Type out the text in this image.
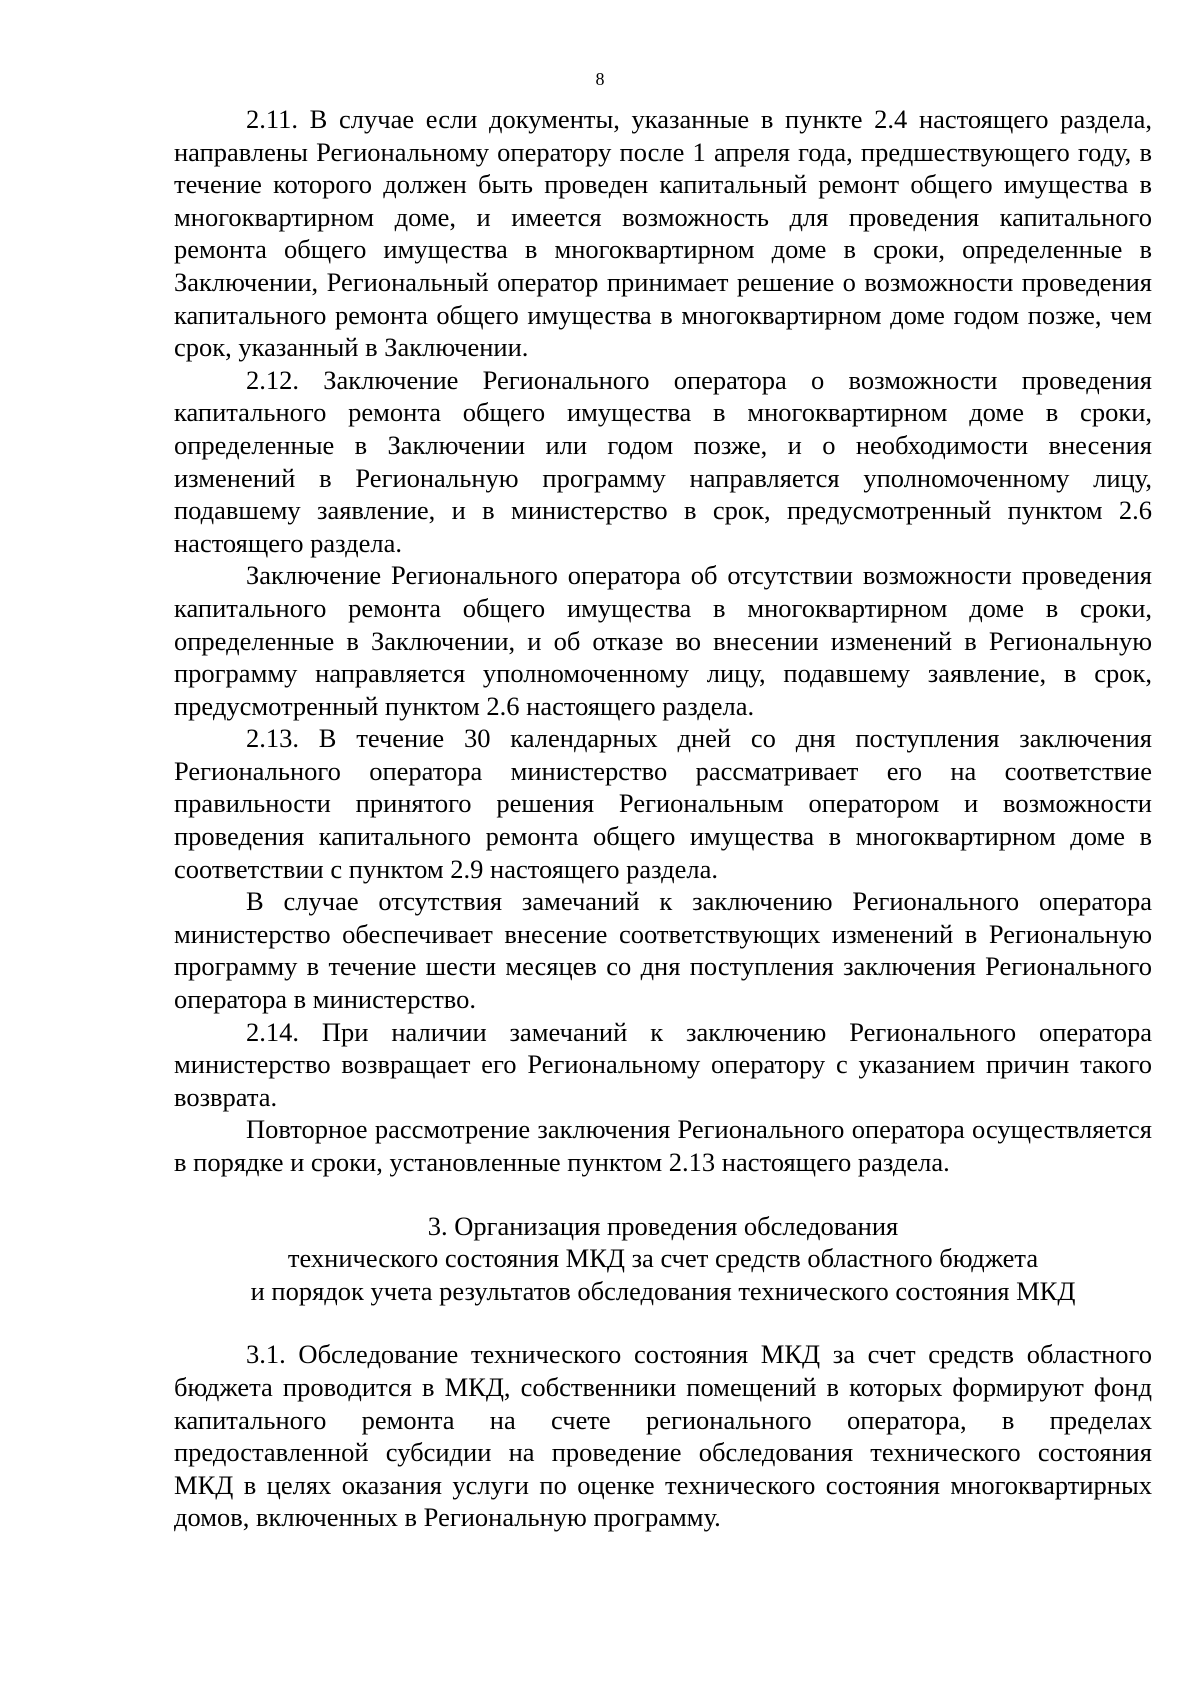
8

2.11. В случае если документы, указанные в пункте 2.4 настоящего раздела, направлены Региональному оператору после 1 апреля года, предшествующего году, в течение которого должен быть проведен капитальный ремонт общего имущества в многоквартирном доме, и имеется возможность для проведения капитального ремонта общего имущества в многоквартирном доме в сроки, определенные в Заключении, Региональный оператор принимает решение о возможности проведения капитального ремонта общего имущества в многоквартирном доме годом позже, чем срок, указанный в Заключении.

2.12. Заключение Регионального оператора о возможности проведения капитального ремонта общего имущества в многоквартирном доме в сроки, определенные в Заключении или годом позже, и о необходимости внесения изменений в Региональную программу направляется уполномоченному лицу, подавшему заявление, и в министерство в срок, предусмотренный пунктом 2.6 настоящего раздела.

Заключение Регионального оператора об отсутствии возможности проведения капитального ремонта общего имущества в многоквартирном доме в сроки, определенные в Заключении, и об отказе во внесении изменений в Региональную программу направляется уполномоченному лицу, подавшему заявление, в срок, предусмотренный пунктом 2.6 настоящего раздела.

2.13. В течение 30 календарных дней со дня поступления заключения Регионального оператора министерство рассматривает его на соответствие правильности принятого решения Региональным оператором и возможности проведения капитального ремонта общего имущества в многоквартирном доме в соответствии с пунктом 2.9 настоящего раздела.

В случае отсутствия замечаний к заключению Регионального оператора министерство обеспечивает внесение соответствующих изменений в Региональную программу в течение шести месяцев со дня поступления заключения Регионального оператора в министерство.

2.14. При наличии замечаний к заключению Регионального оператора министерство возвращает его Региональному оператору с указанием причин такого возврата.

Повторное рассмотрение заключения Регионального оператора осуществляется в порядке и сроки, установленные пунктом 2.13 настоящего раздела.

3. Организация проведения обследования

технического состояния МКД за счет средств областного бюджета

и порядок учета результатов обследования технического состояния МКД

3.1. Обследование технического состояния МКД за счет средств областного бюджета проводится в МКД, собственники помещений в которых формируют фонд капитального ремонта на счете регионального оператора, в пределах предоставленной субсидии на проведение обследования технического состояния МКД в целях оказания услуги по оценке технического состояния многоквартирных домов, включенных в Региональную программу.
